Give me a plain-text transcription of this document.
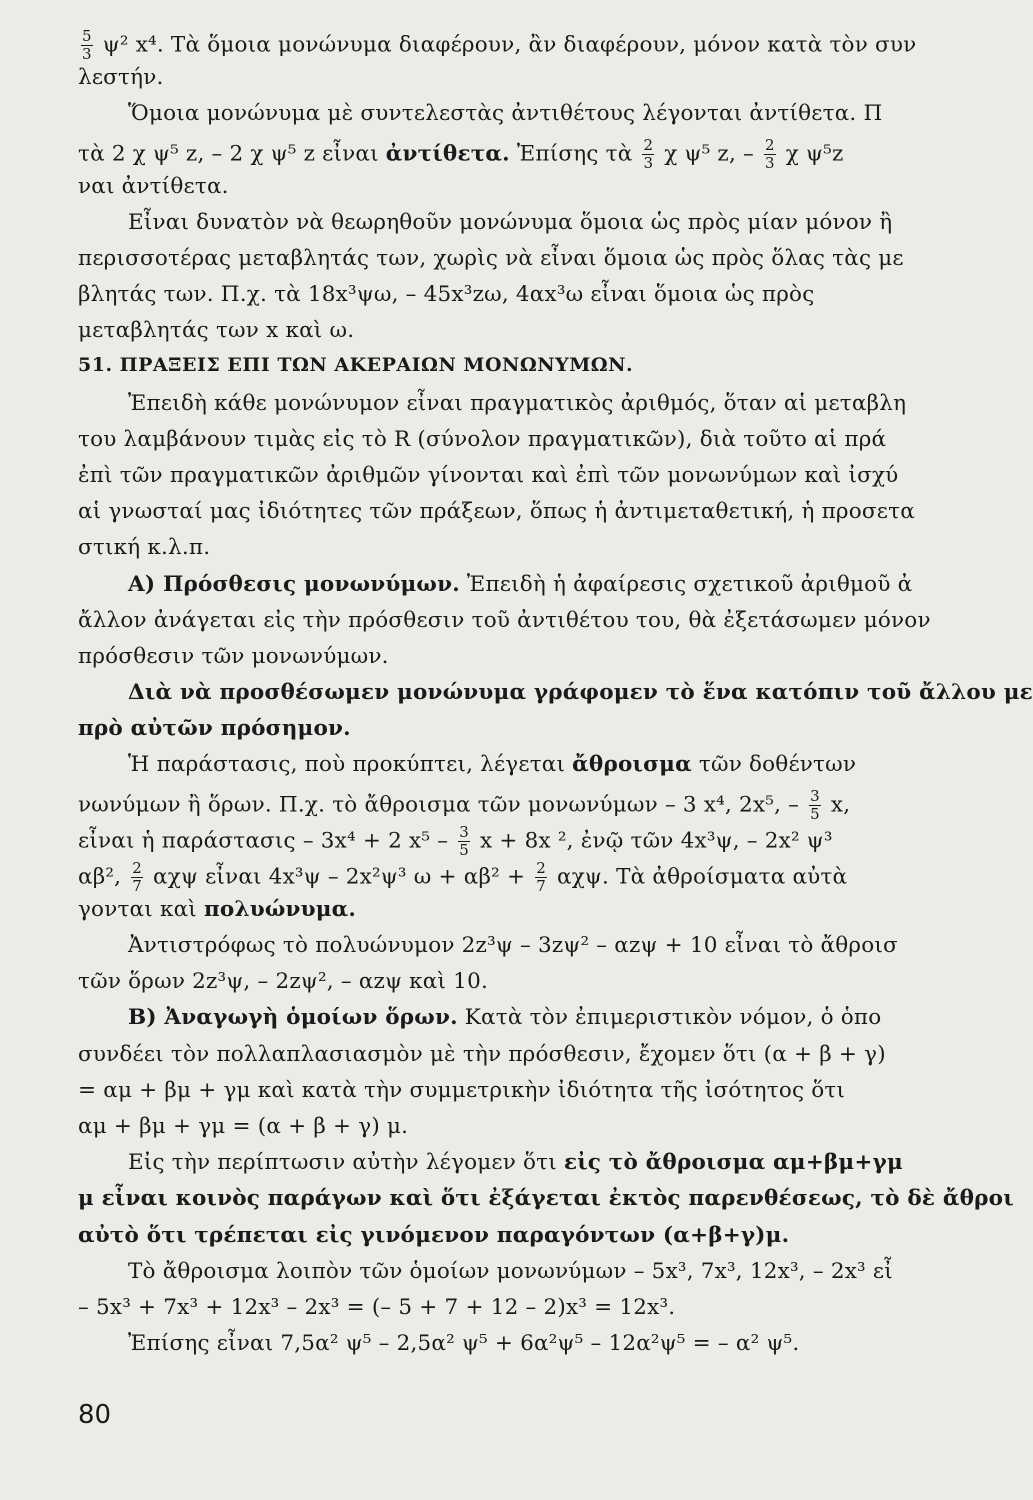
$\frac{5}{3} \psi^2$ x⁴. Τὰ ὅμοια μονώνυμα διαφέρουν, ἂν διαφέρουν, μόνον κατὰ τὸν συν
λεστήν.
Ὅμοια μονώνυμα μὲ συντελεστὰς ἀντιθέτους λέγονται ἀντίθετα. Π
τὰ 2 χ ψ⁵ z, – 2 χ ψ⁵ z εἶναι ἀντίθετα. Ἐπίσης τὰ $\frac{2}{3}$ χ ψ⁵ z, – $\frac{2}{3}$ χ ψ⁵z
ναι ἀντίθετα.
Εἶναι δυνατὸν νὰ θεωρηθοῦν μονώνυμα ὅμοια ὡς πρὸς μίαν μόνον ἢ
περισσοτέρας μεταβλητάς των, χωρὶς νὰ εἶναι ὅμοια ὡς πρὸς ὅλας τὰς με
βλητάς των. Π.χ. τὰ 18x³ψω, – 45x³zω, 4αx³ω εἶναι ὅμοια ὡς πρὸς
μεταβλητάς των x καὶ ω.
51. ΠΡΑΞΕΙΣ ΕΠΙ ΤΩΝ ΑΚΕΡΑΙΩΝ ΜΟΝΩΝΥΜΩΝ.
Ἐπειδὴ κάθε μονώνυμον εἶναι πραγματικὸς ἀριθμός, ὅταν αἱ μεταβλη
του λαμβάνουν τιμὰς εἰς τὸ R (σύνολον πραγματικῶν), διὰ τοῦτο αἱ πρά
ἐπὶ τῶν πραγματικῶν ἀριθμῶν γίνονται καὶ ἐπὶ τῶν μονωνύμων καὶ ἰσχύ
αἱ γνωσταί μας ἰδιότητες τῶν πράξεων, ὅπως ἡ ἀντιμεταθετική, ἡ προσετα
στική κ.λ.π.
Α) Πρόσθεσις μονωνύμων. Ἐπειδὴ ἡ ἀφαίρεσις σχετικοῦ ἀριθμοῦ ἀ
ἄλλον ἀνάγεται εἰς τὴν πρόσθεσιν τοῦ ἀντιθέτου του, θὰ ἐξετάσωμεν μόνον
πρόσθεσιν τῶν μονωνύμων.
Διὰ νὰ προσθέσωμεν μονώνυμα γράφομεν τὸ ἕνα κατόπιν τοῦ ἄλλου με
πρὸ αὐτῶν πρόσημον.
Ἡ παράστασις, ποὺ προκύπτει, λέγεται ἄθροισμα τῶν δοθέντων
νωνύμων ἢ ὅρων. Π.χ. τὸ ἄθροισμα τῶν μονωνύμων – 3 x⁴, 2x⁵, – $\frac{3}{5} x$,
εἶναι ἡ παράστασις – 3x⁴ + 2 $x^5 - \frac{3}{5}$ x + 8x ², ἐνῷ τῶν 4x³ψ, – 2x² ψ³
αβ², $\frac{2}{7}$ αχψ εἶναι 4x³ψ – 2x²ψ³ $\omega + \alpha\beta^2 + \frac{2}{7} \alpha\chi\psi$. Τὰ ἀθροίσματα αὐτὰ
γονται καὶ πολυώνυμα.
Ἀντιστρόφως τὸ πολυώνυμον 2z³ψ – 3zψ² – αzψ + 10 εἶναι τὸ ἄθροισ
τῶν ὅρων 2z³ψ, – 2zψ², – αzψ καὶ 10.
Β) Ἀναγωγὴ ὁμοίων ὅρων. Κατὰ τὸν ἐπιμεριστικὸν νόμον, ὁ ὁπο
συνδέει τὸν πολλαπλασιασμὸν μὲ τὴν πρόσθεσιν, ἔχομεν ὅτι (α + β + γ)
= αμ + βμ + γμ καὶ κατὰ τὴν συμμετρικὴν ἰδιότητα τῆς ἰσότητος ὅτι
αμ + βμ + γμ = (α + β + γ) μ.
Εἰς τὴν περίπτωσιν αὐτὴν λέγομεν ὅτι εἰς τὸ ἄθροισμα αμ+βμ+γμ
μ εἶναι κοινὸς παράγων καὶ ὅτι ἐξάγεται ἐκτὸς παρενθέσεως, τὸ δὲ ἄθροι
αὐτὸ ὅτι τρέπεται εἰς γινόμενον παραγόντων (α+β+γ)μ.
Τὸ ἄθροισμα λοιπὸν τῶν ὁμοίων μονωνύμων – 5x³, 7x³, 12x³, – 2x³ εἶ
80
– 5x³ + 7x³ + 12x³ – 2x³ = (– 5 + 7 + 12 – 2)x³ = 12x³.
Ἐπίσης εἶναι 7,5α² ψ⁵ – 2,5α² ψ⁵ + 6α²ψ⁵ – 12α²ψ⁵ = – α² ψ⁵.
